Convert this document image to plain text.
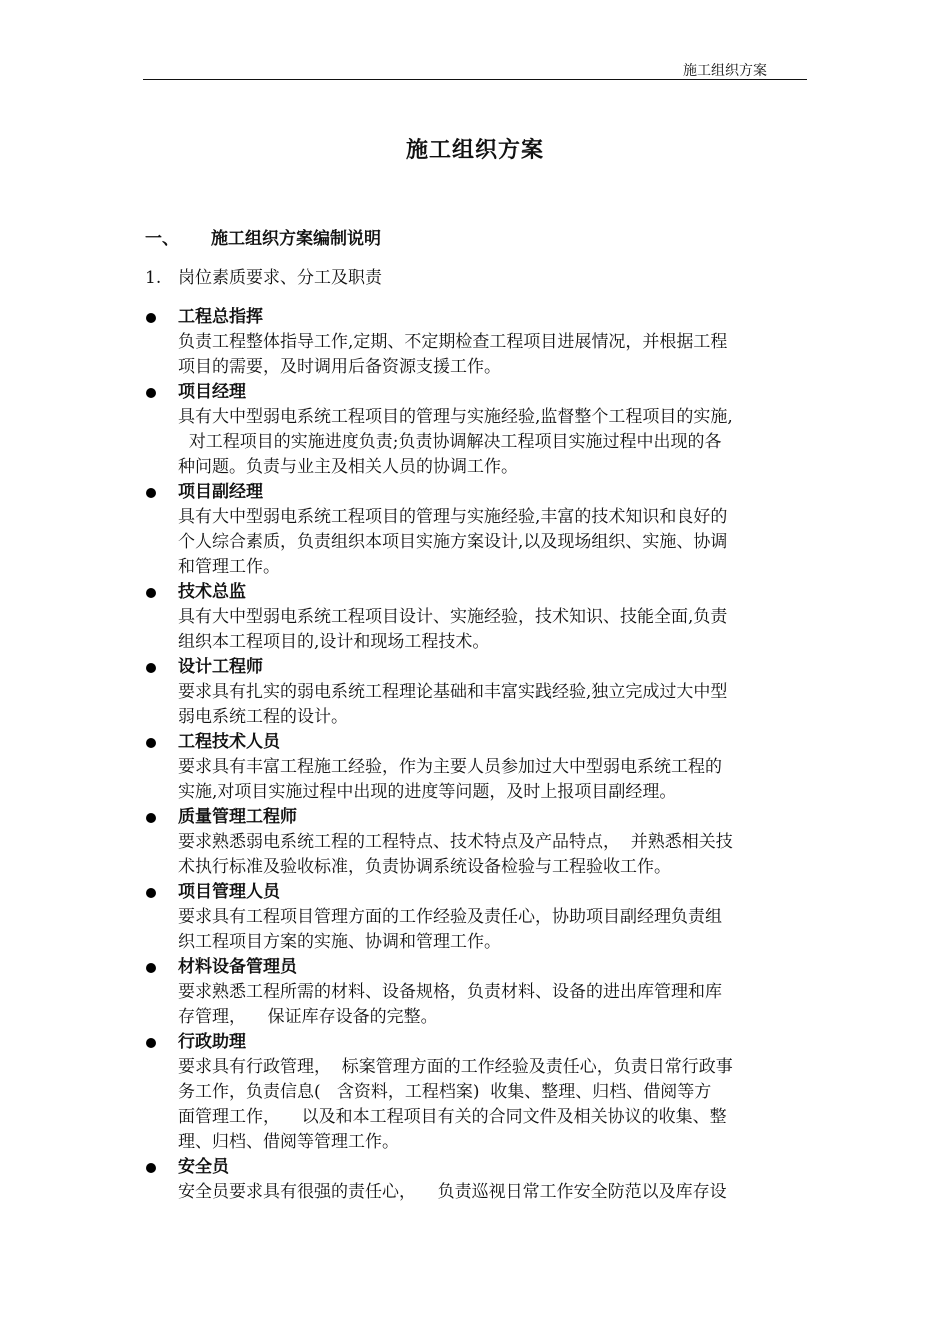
施工组织方案
施工组织方案
一、 施工组织方案编制说明
1. 岗位素质要求、分工及职责
工程总指挥

负责工程整体指导工作,定期、不定期检查工程项目进展情况，并根据工程
项目的需要，及时调用后备资源支援工作。

项目经理

具有大中型弱电系统工程项目的管理与实施经验,监督整个工程项目的实施,
对工程项目的实施进度负责;负责协调解决工程项目实施过程中出现的各
种问题。负责与业主及相关人员的协调工作。

项目副经理

具有大中型弱电系统工程项目的管理与实施经验,丰富的技术知识和良好的
个人综合素质，负责组织本项目实施方案设计,以及现场组织、实施、协调
和管理工作。

技术总监

具有大中型弱电系统工程项目设计、实施经验，技术知识、技能全面,负责
组织本工程项目的,设计和现场工程技术。

设计工程师

要求具有扎实的弱电系统工程理论基础和丰富实践经验,独立完成过大中型
弱电系统工程的设计。

工程技术人员

要求具有丰富工程施工经验，作为主要人员参加过大中型弱电系统工程的
实施,对项目实施过程中出现的进度等问题，及时上报项目副经理。

质量管理工程师

要求熟悉弱电系统工程的工程特点、技术特点及产品特点，  并熟悉相关技
术执行标准及验收标准，负责协调系统设备检验与工程验收工作。

项目管理人员

要求具有工程项目管理方面的工作经验及责任心，协助项目副经理负责组
织工程项目方案的实施、协调和管理工作。

材料设备管理员

要求熟悉工程所需的材料、设备规格，负责材料、设备的进出库管理和库
存管理，    保证库存设备的完整。

行政助理

要求具有行政管理，  标案管理方面的工作经验及责任心，负责日常行政事
务工作，负责信息(   含资料，工程档案)  收集、整理、归档、借阅等方
面管理工作，    以及和本工程项目有关的合同文件及相关协议的收集、整
理、归档、借阅等管理工作。

安全员

安全员要求具有很强的责任心，    负责巡视日常工作安全防范以及库存设
